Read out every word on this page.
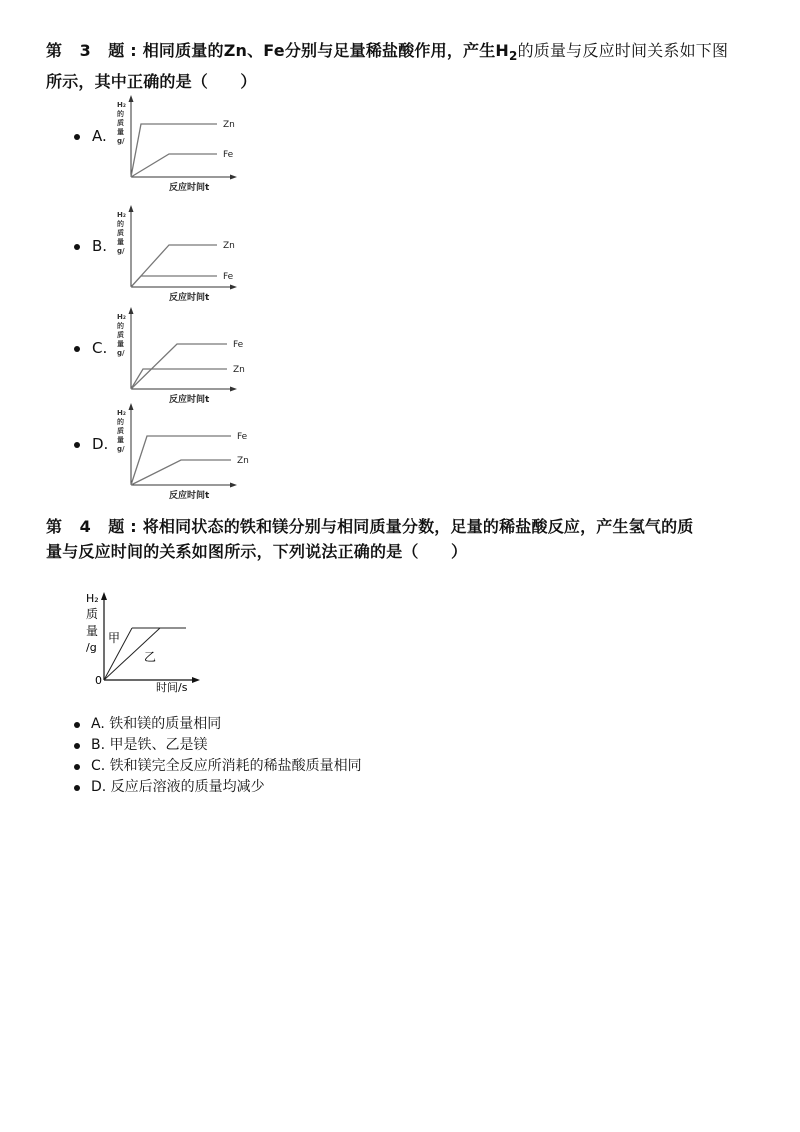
第 3 题:相同质量的Zn、Fe分别与足量稀盐酸作用，产生$H_2$的质量与反应时间关系如下图
所示，其中正确的是（　　）
A.
H₂
的
质
量
g/
反应时间t
Zn
Fe
B.
H₂
的
质
量
g/
反应时间t
Zn
Fe
C.
H₂
的
质
量
g/
反应时间t
Fe
Zn
D.
H₂
的
质
量
g/
反应时间t
Fe
Zn
第 4 题:将相同状态的铁和镁分别与相同质量分数，足量的稀盐酸反应，产生氢气的质
量与反应时间的关系如图所示，下列说法正确的是（　　）
H₂
质
量
/g
0
时间/s
甲
乙
A. 铁和镁的质量相同
B. 甲是铁、乙是镁
C. 铁和镁完全反应所消耗的稀盐酸质量相同
D. 反应后溶液的质量均减少
